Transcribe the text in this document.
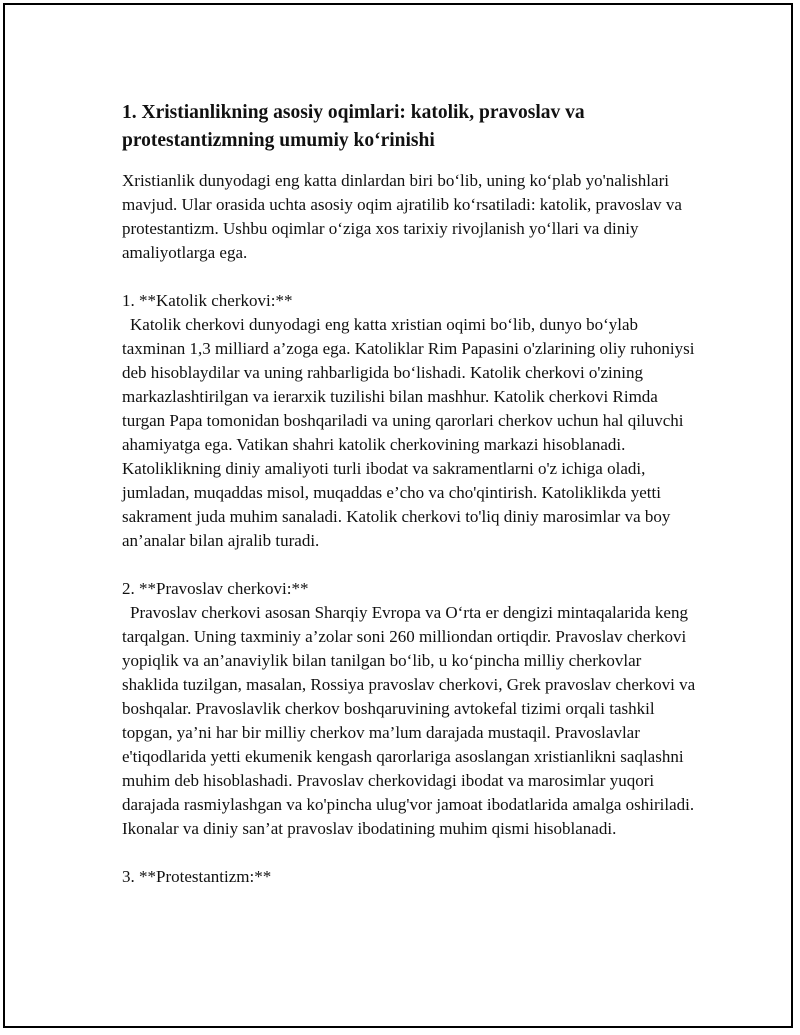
1. Xristianlikning asosiy oqimlari: katolik, pravoslav va protestantizmning umumiy ko‘rinishi
Xristianlik dunyodagi eng katta dinlardan biri bo‘lib, uning ko‘plab yo'nalishlari mavjud. Ular orasida uchta asosiy oqim ajratilib ko‘rsatiladi: katolik, pravoslav va protestantizm. Ushbu oqimlar o‘ziga xos tarixiy rivojlanish yo‘llari va diniy amaliyotlarga ega.
1. **Katolik cherkovi:**
Katolik cherkovi dunyodagi eng katta xristian oqimi bo‘lib, dunyo bo‘ylab taxminan 1,3 milliard a’zoga ega. Katoliklar Rim Papasini o'zlarining oliy ruhoniysi deb hisoblaydilar va uning rahbarligida bo‘lishadi. Katolik cherkovi o'zining markazlashtirilgan va ierarxik tuzilishi bilan mashhur. Katolik cherkovi Rimda turgan Papa tomonidan boshqariladi va uning qarorlari cherkov uchun hal qiluvchi ahamiyatga ega. Vatikan shahri katolik cherkovining markazi hisoblanadi. Katoliklikning diniy amaliyoti turli ibodat va sakramentlarni o'z ichiga oladi, jumladan, muqaddas misol, muqaddas e’cho va cho'qintirish. Katoliklikda yetti sakrament juda muhim sanaladi. Katolik cherkovi to'liq diniy marosimlar va boy an’analar bilan ajralib turadi.
2. **Pravoslav cherkovi:**
Pravoslav cherkovi asosan Sharqiy Evropa va O‘rta er dengizi mintaqalarida keng tarqalgan. Uning taxminiy a’zolar soni 260 milliondan ortiqdir. Pravoslav cherkovi yopiqlik va an’anaviylik bilan tanilgan bo‘lib, u ko‘pincha milliy cherkovlar shaklida tuzilgan, masalan, Rossiya pravoslav cherkovi, Grek pravoslav cherkovi va boshqalar. Pravoslavlik cherkov boshqaruvining avtokefal tizimi orqali tashkil topgan, ya’ni har bir milliy cherkov ma’lum darajada mustaqil. Pravoslavlar e'tiqodlarida yetti ekumenik kengash qarorlariga asoslangan xristianlikni saqlashni muhim deb hisoblashadi. Pravoslav cherkovidagi ibodat va marosimlar yuqori darajada rasmiylashgan va ko'pincha ulug'vor jamoat ibodatlarida amalga oshiriladi. Ikonalar va diniy san’at pravoslav ibodatining muhim qismi hisoblanadi.
3. **Protestantizm:**
